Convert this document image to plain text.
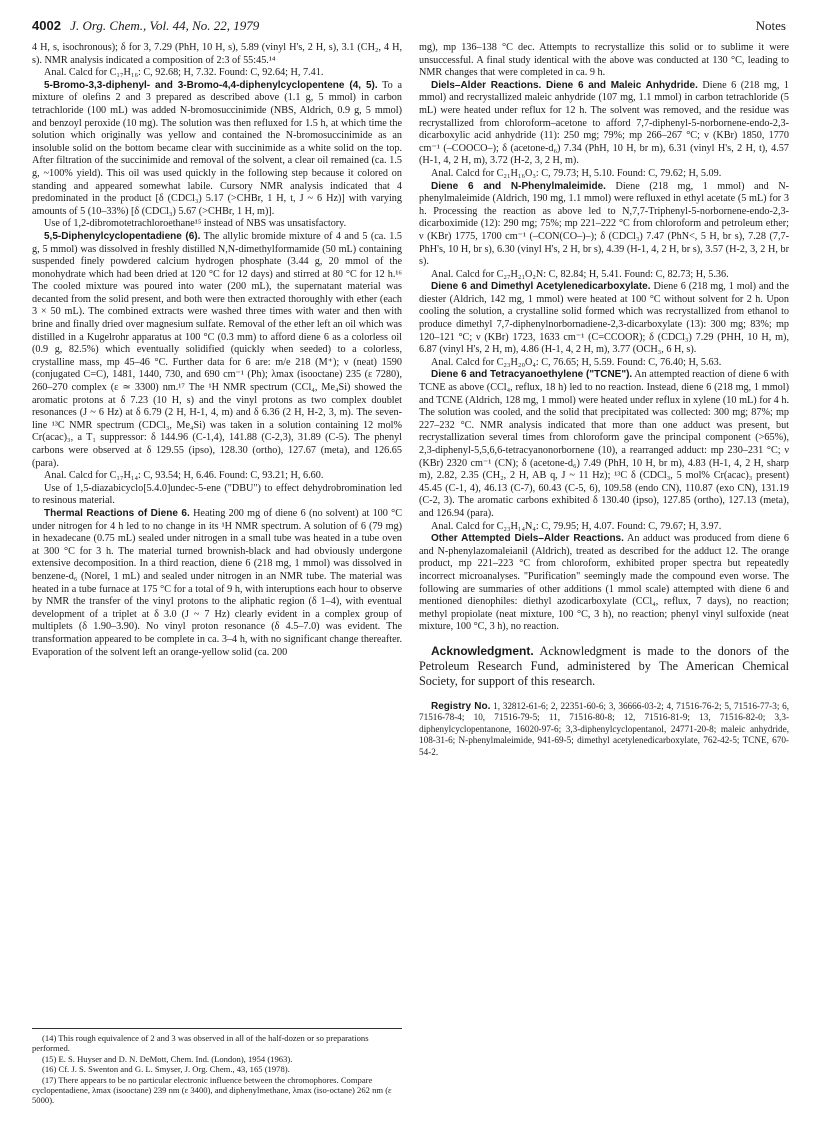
4002 J. Org. Chem., Vol. 44, No. 22, 1979	Notes

4 H, s, isochronous); δ for 3, 7.29 (PhH, 10 H, s), 5.89 (vinyl H's, 2 H, s), 3.1 (CH₂, 4 H, s). NMR analysis indicated a composition of 2:3 of 55:45.¹⁴

Anal. Calcd for C₁₇H₁₆: C, 92.68; H, 7.32. Found: C, 92.64; H, 7.41.

5-Bromo-3,3-diphenyl- and 3-Bromo-4,4-diphenylcyclopentene (4, 5). To a mixture of olefins 2 and 3 prepared as described above (1.1 g, 5 mmol) in carbon tetrachloride (100 mL) was added N-bromosuccinimide (NBS, Aldrich, 0.9 g, 5 mmol) and benzoyl peroxide (10 mg). The solution was then refluxed for 1.5 h, at which time the solution which originally was yellow and contained the N-bromosuccinimide as an insoluble solid on the bottom became clear with succinimide as a white solid on the top. After filtration of the succinimide and removal of the solvent, a clear oil remained (ca. 1.5 g, ~100% yield). This oil was used quickly in the following step because it colored on standing and appeared somewhat labile. Cursory NMR analysis indicated that 4 predominated in the product [δ (CDCl₃) 5.17 (>CHBr, 1 H, t, J ~ 6 Hz)] with varying amounts of 5 (10–33%) [δ (CDCl₃) 5.67 (>CHBr, 1 H, m)].

Use of 1,2-dibromotetrachloroethane¹⁵ instead of NBS was unsatisfactory.

5,5-Diphenylcyclopentadiene (6). The allylic bromide mixture of 4 and 5 (ca. 1.5 g, 5 mmol) was dissolved in freshly distilled N,N-dimethylformamide (50 mL) containing suspended finely powdered calcium hydrogen phosphate (3.44 g, 20 mmol of the monohydrate which had been dried at 120 °C for 12 days) and stirred at 80 °C for 12 h.¹⁶ The cooled mixture was poured into water (200 mL), the supernatant material was decanted from the solid present, and both were then extracted thoroughly with ether (each 3 × 50 mL). The combined extracts were washed three times with water and then with brine and finally dried over magnesium sulfate. Removal of the ether left an oil which was distilled in a Kugelrohr apparatus at 100 °C (0.3 mm) to afford diene 6 as a colorless oil (0.9 g, 82.5%) which eventually solidified (quickly when seeded) to a colorless, crystalline mass, mp 45–46 °C. Further data for 6 are: m/e 218 (M⁺); ν (neat) 1590 (conjugated C=C), 1481, 1440, 730, and 690 cm⁻¹ (Ph); λmax (isooctane) 235 (ε 7280), 260–270 complex (ε ≃ 3300) nm.¹⁷ The ¹H NMR spectrum (CCl₄, Me₄Si) showed the aromatic protons at δ 7.23 (10 H, s) and the vinyl protons as two complex doublet resonances (J ~ 6 Hz) at δ 6.79 (2 H, H-1, 4, m) and δ 6.36 (2 H, H-2, 3, m). The seven-line ¹³C NMR spectrum (CDCl₃, Me₄Si) was taken in a solution containing 12 mol% Cr(acac)₃, a T₁ suppressor: δ 144.96 (C-1,4), 141.88 (C-2,3), 31.89 (C-5). The phenyl carbons were observed at δ 129.55 (ipso), 128.30 (ortho), 127.67 (meta), and 126.65 (para).

Anal. Calcd for C₁₇H₁₄: C, 93.54; H, 6.46. Found: C, 93.21; H, 6.60.

Use of 1,5-diazabicyclo[5.4.0]undec-5-ene ("DBU") to effect dehydrobromination led to resinous material.

Thermal Reactions of Diene 6. Heating 200 mg of diene 6 (no solvent) at 100 °C under nitrogen for 4 h led to no change in its ¹H NMR spectrum. A solution of 6 (79 mg) in hexadecane (0.75 mL) sealed under nitrogen in a small tube was heated in a tube oven at 300 °C for 3 h. The material turned brownish-black and had obviously undergone extensive decomposition. In a third reaction, diene 6 (218 mg, 1 mmol) was dissolved in benzene-d₆ (Norel, 1 mL) and sealed under nitrogen in an NMR tube. The material was heated in a tube furnace at 175 °C for a total of 9 h, with interuptions each hour to observe by NMR the transfer of the vinyl protons to the aliphatic region (δ 1–4), with eventual development of a triplet at δ 3.0 (J ~ 7 Hz) clearly evident in a complex group of multiplets (δ 1.90–3.90). No vinyl proton resonance (δ 4.5–7.0) was evident. The transformation appeared to be complete in ca. 3–4 h, with no significant change thereafter. Evaporation of the solvent left an orange-yellow solid (ca. 200

mg), mp 136–138 °C dec. Attempts to recrystallize this solid or to sublime it were unsuccessful. A final study identical with the above was conducted at 130 °C, leading to NMR changes that were completed in ca. 9 h.

Diels–Alder Reactions. Diene 6 and Maleic Anhydride. Diene 6 (218 mg, 1 mmol) and recrystallized maleic anhydride (107 mg, 1.1 mmol) in carbon tetrachloride (5 mL) were heated under reflux for 12 h. The solvent was removed, and the residue was recrystallized from chloroform–acetone to afford 7,7-diphenyl-5-norbornene-endo-2,3-dicarboxylic acid anhydride (11): 250 mg; 79%; mp 266–267 °C; ν (KBr) 1850, 1770 cm⁻¹ (–COOCO–); δ (acetone-d₆) 7.34 (PhH, 10 H, br m), 6.31 (vinyl H's, 2 H, t), 4.57 (H-1, 4, 2 H, m), 3.72 (H-2, 3, 2 H, m).

Anal. Calcd for C₂₁H₁₆O₃: C, 79.73; H, 5.10. Found: C, 79.62; H, 5.09.

Diene 6 and N-Phenylmaleimide. Diene (218 mg, 1 mmol) and N-phenylmaleimide (Aldrich, 190 mg, 1.1 mmol) were refluxed in ethyl acetate (5 mL) for 3 h. Processing the reaction as above led to N,7,7-Triphenyl-5-norbornene-endo-2,3-dicarboximide (12): 290 mg; 75%; mp 221–222 °C from chloroform and petroleum ether; ν (KBr) 1775, 1700 cm⁻¹ (–CON(CO–)–); δ (CDCl₃) 7.47 (PhN<, 5 H, br s), 7.28 (7,7-PhH's, 10 H, br s), 6.30 (vinyl H's, 2 H, br s), 4.39 (H-1, 4, 2 H, br s), 3.57 (H-2, 3, 2 H, br s).

Anal. Calcd for C₂₇H₂₁O₂N: C, 82.84; H, 5.41. Found: C, 82.73; H, 5.36.

Diene 6 and Dimethyl Acetylenedicarboxylate. Diene 6 (218 mg, 1 mol) and the diester (Aldrich, 142 mg, 1 mmol) were heated at 100 °C without solvent for 2 h. Upon cooling the solution, a crystalline solid formed which was recrystallized from ethanol to produce dimethyl 7,7-diphenylnorbornadiene-2,3-dicarboxylate (13): 300 mg; 83%; mp 120–121 °C; ν (KBr) 1723, 1633 cm⁻¹ (C=CCOOR); δ (CDCl₃) 7.29 (PHH, 10 H, m), 6.87 (vinyl H's, 2 H, m), 4.86 (H-1, 4, 2 H, m), 3.77 (OCH₃, 6 H, s).

Anal. Calcd for C₂₃H₂₀O₄: C, 76.65; H, 5.59. Found: C, 76.40; H, 5.63.

Diene 6 and Tetracyanoethylene ("TCNE"). An attempted reaction of diene 6 with TCNE as above (CCl₄, reflux, 18 h) led to no reaction. Instead, diene 6 (218 mg, 1 mmol) and TCNE (Aldrich, 128 mg, 1 mmol) were heated under reflux in xylene (10 mL) for 4 h. The solution was cooled, and the solid that precipitated was collected: 300 mg; 87%; mp 227–232 °C. NMR analysis indicated that more than one adduct was present, but recrystallization several times from chloroform gave the principal component (>65%), 2,3-diphenyl-5,5,6,6-tetracyanonorbornene (10), a rearranged adduct: mp 230–231 °C; ν (KBr) 2320 cm⁻¹ (CN); δ (acetone-d₆) 7.49 (PhH, 10 H, br m), 4.83 (H-1, 4, 2 H, sharp m), 2.82, 2.35 (CH₂, 2 H, AB q, J ~ 11 Hz); ¹³C δ (CDCl₃, 5 mol% Cr(acac)₃ present) 45.45 (C-1, 4), 46.13 (C-7), 60.43 (C-5, 6), 109.58 (endo CN), 110.87 (exo CN), 131.19 (C-2, 3). The aromatic carbons exhibited δ 130.40 (ipso), 127.85 (ortho), 127.13 (meta), and 126.94 (para).

Anal. Calcd for C₂₃H₁₄N₄: C, 79.95; H, 4.07. Found: C, 79.67; H, 3.97.

Other Attempted Diels–Alder Reactions. An adduct was produced from diene 6 and N-phenylazomaleianil (Aldrich), treated as described for the adduct 12. The orange product, mp 221–223 °C from chloroform, exhibited proper spectra but repeatedly incorrect microanalyses. "Purification" seemingly made the compound even worse. The following are summaries of other additions (1 mmol scale) attempted with diene 6 and mentioned dienophiles: diethyl azodicarboxylate (CCl₄, reflux, 7 days), no reaction; methyl propiolate (neat mixture, 100 °C, 3 h), no reaction; phenyl vinyl sulfoxide (neat mixture, 100 °C, 3 h), no reaction.

Acknowledgment. Acknowledgment is made to the donors of the Petroleum Research Fund, administered by The American Chemical Society, for support of this research.

Registry No. 1, 32812-61-6; 2, 22351-60-6; 3, 36666-03-2; 4, 71516-76-2; 5, 71516-77-3; 6, 71516-78-4; 10, 71516-79-5; 11, 71516-80-8; 12, 71516-81-9; 13, 71516-82-0; 3,3-diphenylcyclopentanone, 16020-97-6; 3,3-diphenylcyclopentanol, 24771-20-8; maleic anhydride, 108-31-6; N-phenylmaleimide, 941-69-5; dimethyl acetylenedicarboxylate, 762-42-5; TCNE, 670-54-2.

(14) This rough equivalence of 2 and 3 was observed in all of the half-dozen or so preparations performed.
(15) E. S. Huyser and D. N. DeMott, Chem. Ind. (London), 1954 (1963).
(16) Cf. J. S. Swenton and G. L. Smyser, J. Org. Chem., 43, 165 (1978).
(17) There appears to be no particular electronic influence between the chromophores. Compare cyclopentadiene, λmax (isooctane) 239 nm (ε 3400), and diphenylmethane, λmax (iso-octane) 262 nm (ε 5000).
